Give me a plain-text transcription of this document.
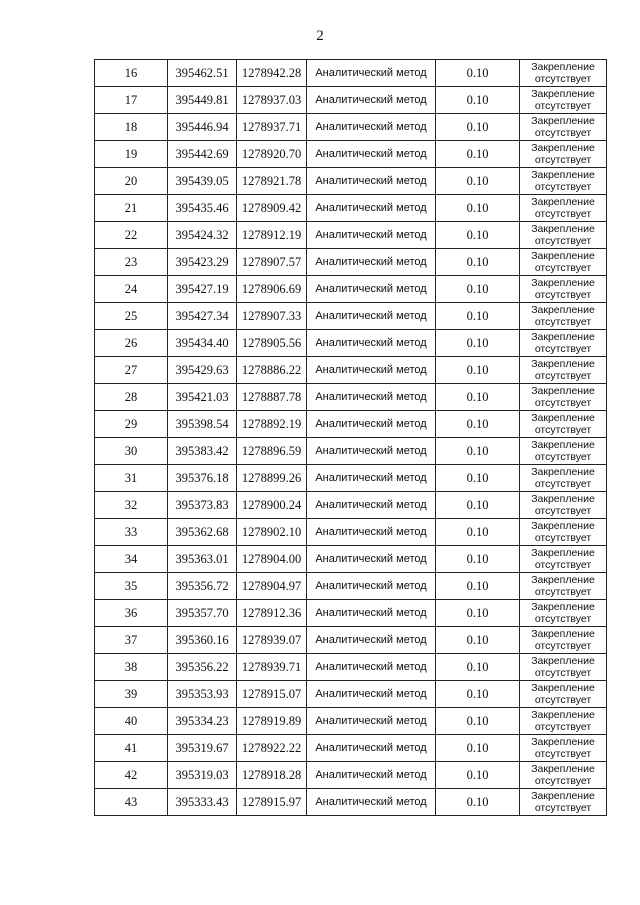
2
16	395462.51	1278942.28	Аналитический метод	0.10	Закрепление
отсутствует

17	395449.81	1278937.03	Аналитический метод	0.10	Закрепление
отсутствует

18	395446.94	1278937.71	Аналитический метод	0.10	Закрепление
отсутствует

19	395442.69	1278920.70	Аналитический метод	0.10	Закрепление
отсутствует

20	395439.05	1278921.78	Аналитический метод	0.10	Закрепление
отсутствует

21	395435.46	1278909.42	Аналитический метод	0.10	Закрепление
отсутствует

22	395424.32	1278912.19	Аналитический метод	0.10	Закрепление
отсутствует

23	395423.29	1278907.57	Аналитический метод	0.10	Закрепление
отсутствует

24	395427.19	1278906.69	Аналитический метод	0.10	Закрепление
отсутствует

25	395427.34	1278907.33	Аналитический метод	0.10	Закрепление
отсутствует

26	395434.40	1278905.56	Аналитический метод	0.10	Закрепление
отсутствует

27	395429.63	1278886.22	Аналитический метод	0.10	Закрепление
отсутствует

28	395421.03	1278887.78	Аналитический метод	0.10	Закрепление
отсутствует

29	395398.54	1278892.19	Аналитический метод	0.10	Закрепление
отсутствует

30	395383.42	1278896.59	Аналитический метод	0.10	Закрепление
отсутствует

31	395376.18	1278899.26	Аналитический метод	0.10	Закрепление
отсутствует

32	395373.83	1278900.24	Аналитический метод	0.10	Закрепление
отсутствует

33	395362.68	1278902.10	Аналитический метод	0.10	Закрепление
отсутствует

34	395363.01	1278904.00	Аналитический метод	0.10	Закрепление
отсутствует

35	395356.72	1278904.97	Аналитический метод	0.10	Закрепление
отсутствует

36	395357.70	1278912.36	Аналитический метод	0.10	Закрепление
отсутствует

37	395360.16	1278939.07	Аналитический метод	0.10	Закрепление
отсутствует

38	395356.22	1278939.71	Аналитический метод	0.10	Закрепление
отсутствует

39	395353.93	1278915.07	Аналитический метод	0.10	Закрепление
отсутствует

40	395334.23	1278919.89	Аналитический метод	0.10	Закрепление
отсутствует

41	395319.67	1278922.22	Аналитический метод	0.10	Закрепление
отсутствует

42	395319.03	1278918.28	Аналитический метод	0.10	Закрепление
отсутствует

43	395333.43	1278915.97	Аналитический метод	0.10	Закрепление
отсутствует
